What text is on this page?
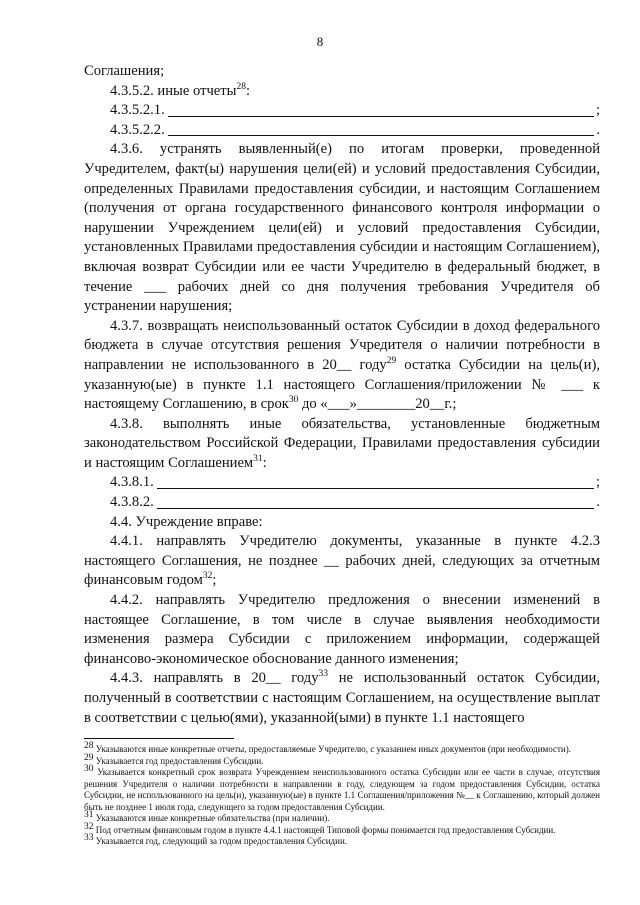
8

Соглашения;

4.3.5.2. иные отчеты$^{28}$:

4.3.5.2.1.	;
4.3.5.2.2.	.

4.3.6. устранять выявленный(е) по итогам проверки, проведенной Учредителем, факт(ы) нарушения цели(ей) и условий предоставления Субсидии, определенных Правилами предоставления субсидии, и настоящим Соглашением (получения от органа государственного финансового контроля информации о нарушении Учреждением цели(ей) и условий предоставления Субсидии, установленных Правилами предоставления субсидии и настоящим Соглашением), включая возврат Субсидии или ее части Учредителю в федеральный бюджет, в течение ___ рабочих дней со дня получения требования Учредителя об устранении нарушения;

4.3.7. возвращать неиспользованный остаток Субсидии в доход федерального бюджета в случае отсутствия решения Учредителя о наличии потребности в направлении не использованного в 20__ году$^{29}$ остатка Субсидии на цель(и), указанную(ые) в пункте 1.1 настоящего Соглашения/приложении № ___ к настоящему Соглашению, в срок$^{30}$ до «___»________20__г.;

4.3.8. выполнять иные обязательства, установленные бюджетным законодательством Российской Федерации, Правилами предоставления субсидии и настоящим Соглашением$^{31}$:

4.3.8.1.	;
4.3.8.2.	.

4.4. Учреждение вправе:

4.4.1. направлять Учредителю документы, указанные в пункте 4.2.3 настоящего Соглашения, не позднее __ рабочих дней, следующих за отчетным финансовым годом$^{32}$;

4.4.2. направлять Учредителю предложения о внесении изменений в настоящее Соглашение, в том числе в случае выявления необходимости изменения размера Субсидии с приложением информации, содержащей финансово-экономическое обоснование данного изменения;

4.4.3. направлять в 20__ году$^{33}$ не использованный остаток Субсидии, полученный в соответствии с настоящим Соглашением, на осуществление выплат в соответствии с целью(ями), указанной(ыми) в пункте 1.1 настоящего

$^{28}$ Указываются иные конкретные отчеты, предоставляемые Учредителю, с указанием иных документов (при необходимости).

$^{29}$ Указывается год предоставления Субсидии.

$^{30}$ Указывается конкретный срок возврата Учреждением неиспользованного остатка Субсидии или ее части в случае, отсутствия решения Учредителя о наличии потребности в направлении в году, следующем за годом предоставления Субсидии, остатка Субсидии, не использованного на цель(и), указанную(ые) в пункте 1.1 Соглашения/приложения №__ к Соглашению, который должен быть не позднее 1 июля года, следующего за годом предоставления Субсидии.

$^{31}$ Указываются иные конкретные обязательства (при наличии).

$^{32}$ Под отчетным финансовым годом в пункте 4.4.1 настоящей Типовой формы понимается год предоставления Субсидии.

$^{33}$ Указывается год, следующий за годом предоставления Субсидии.
